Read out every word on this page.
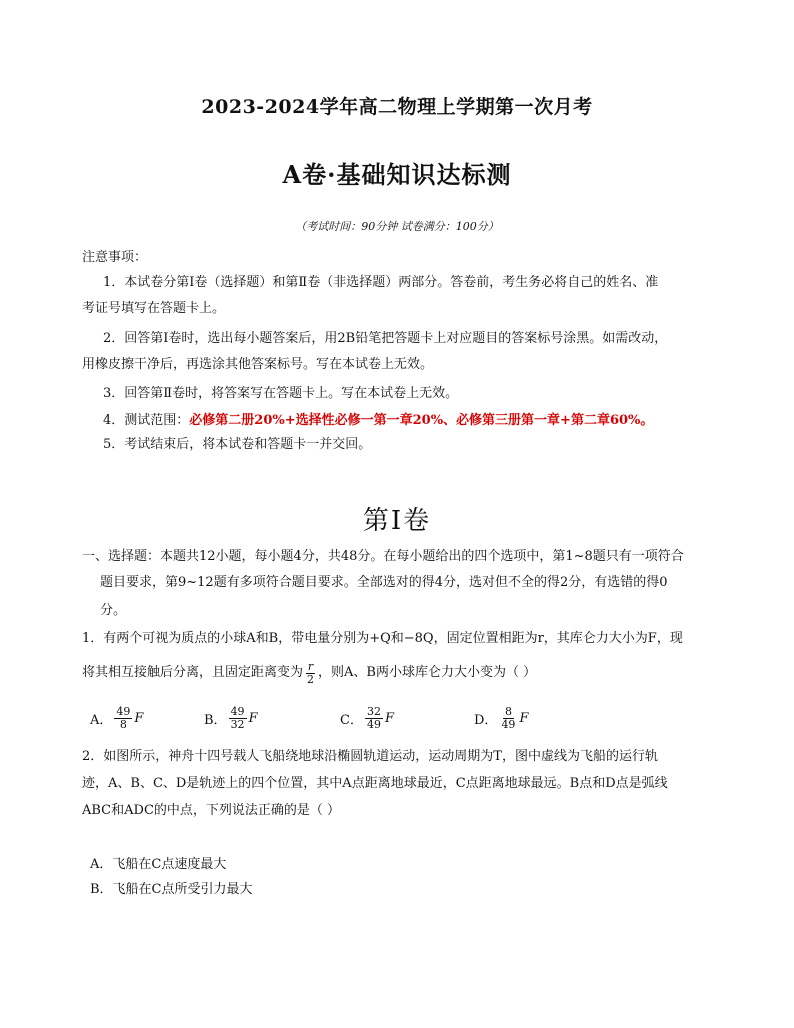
2023-2024学年高二物理上学期第一次月考
A卷·基础知识达标测
（考试时间：90分钟 试卷满分：100分）
注意事项：
1．本试卷分第Ⅰ卷（选择题）和第Ⅱ卷（非选择题）两部分。答卷前，考生务必将自己的姓名、准
考证号填写在答题卡上。
2．回答第Ⅰ卷时，选出每小题答案后，用2B铅笔把答题卡上对应题目的答案标号涂黑。如需改动，
用橡皮擦干净后，再选涂其他答案标号。写在本试卷上无效。
3．回答第Ⅱ卷时，将答案写在答题卡上。写在本试卷上无效。
4．测试范围：必修第二册20%+选择性必修一第一章20%、必修第三册第一章+第二章60%。
5．考试结束后，将本试卷和答题卡一并交回。
第Ⅰ卷
一、选择题：本题共12小题，每小题4分，共48分。在每小题给出的四个选项中，第1~8题只有一项符合
题目要求，第9~12题有多项符合题目要求。全部选对的得4分，选对但不全的得2分，有选错的得0
分。
1．有两个可视为质点的小球A和B，带电量分别为+Q和−8Q，固定位置相距为r，其库仑力大小为F，现
将其相互接触后分离，且固定距离变为 $\frac{r}{2}$ ，则A、B两小球库仑力大小变为（ ）
A． $\frac{49}{8}$ F	B． $\frac{49}{32}$ F	C． $\frac{32}{49}$ F	D． $\frac{8}{49}$ F
2．如图所示，神舟十四号载人飞船绕地球沿椭圆轨道运动，运动周期为T，图中虚线为飞船的运行轨
迹，A、B、C、D是轨迹上的四个位置，其中A点距离地球最近，C点距离地球最远。B点和D点是弧线
ABC和ADC的中点，下列说法正确的是（ ）
A．飞船在C点速度最大
B．飞船在C点所受引力最大
